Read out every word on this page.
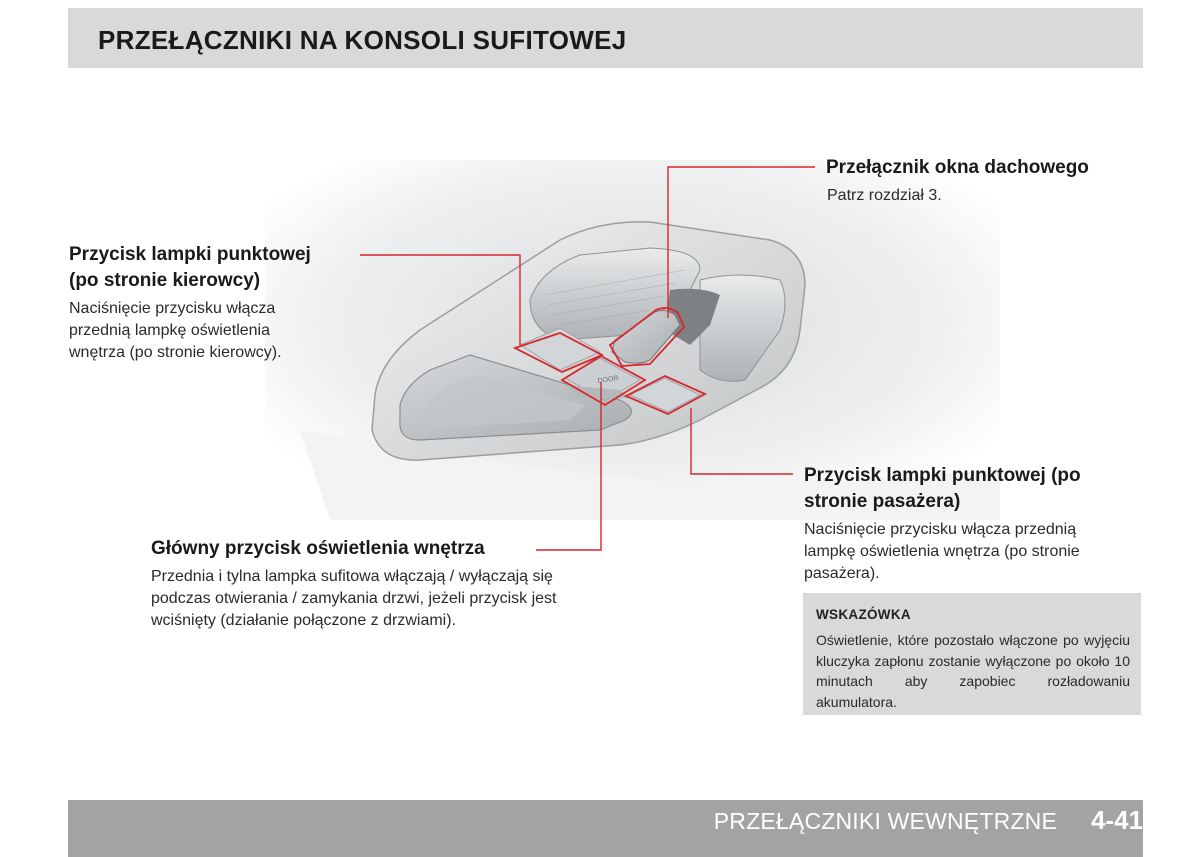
PRZEŁĄCZNIKI NA KONSOLI SUFITOWEJ
DOOR
Przełącznik okna dachowego
Patrz rozdział 3.
Przycisk lampki punktowej
(po stronie kierowcy)
Naciśnięcie przycisku włącza
przednią lampkę oświetlenia
wnętrza (po stronie kierowcy).
Przycisk lampki punktowej (po
stronie pasażera)
Naciśnięcie przycisku włącza przednią
lampkę oświetlenia wnętrza (po stronie
pasażera).
Główny przycisk oświetlenia wnętrza
Przednia i tylna lampka sufitowa włączają / wyłączają się
podczas otwierania / zamykania drzwi, jeżeli przycisk jest
wciśnięty (działanie połączone z drzwiami).	WSKAZÓWKA
Oświetlenie, które pozostało włączone po wyjęciu kluczyka zapłonu zostanie wyłączone po około 10 minutach aby zapobiec rozładowaniu akumulatora.
PRZEŁĄCZNIKI WEWNĘTRZNE 4-41
